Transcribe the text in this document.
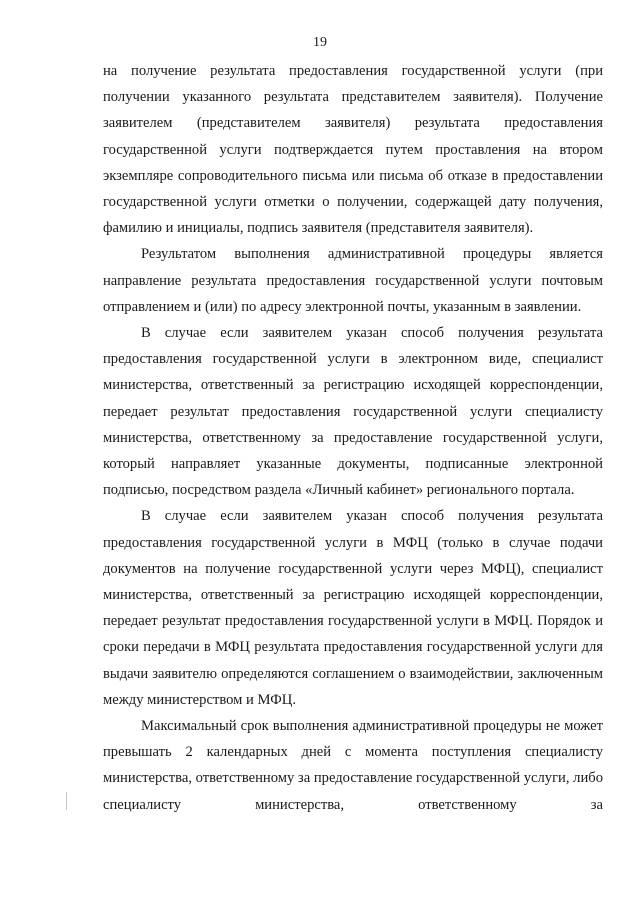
19

на получение результата предоставления государственной услуги (при получении указанного результата представителем заявителя). Получение заявителем (представителем заявителя) результата предоставления государственной услуги подтверждается путем проставления на втором экземпляре сопроводительного письма или письма об отказе в предоставлении государственной услуги отметки о получении, содержащей дату получения, фамилию и инициалы, подпись заявителя (представителя заявителя).

Результатом выполнения административной процедуры является направление результата предоставления государственной услуги почтовым отправлением и (или) по адресу электронной почты, указанным в заявлении.

В случае если заявителем указан способ получения результата предоставления государственной услуги в электронном виде, специалист министерства, ответственный за регистрацию исходящей корреспонденции, передает результат предоставления государственной услуги специалисту министерства, ответственному за предоставление государственной услуги, который направляет указанные документы, подписанные электронной подписью, посредством раздела «Личный кабинет» регионального портала.

В случае если заявителем указан способ получения результата предоставления государственной услуги в МФЦ (только в случае подачи документов на получение государственной услуги через МФЦ), специалист министерства, ответственный за регистрацию исходящей корреспонденции, передает результат предоставления государственной услуги в МФЦ. Порядок и сроки передачи в МФЦ результата предоставления государственной услуги для выдачи заявителю определяются соглашением о взаимодействии, заключенным между министерством и МФЦ.

Максимальный срок выполнения административной процедуры не может превышать 2 календарных дней с момента поступления специалисту министерства, ответственному за предоставление государственной услуги, либо специалисту министерства, ответственному за
